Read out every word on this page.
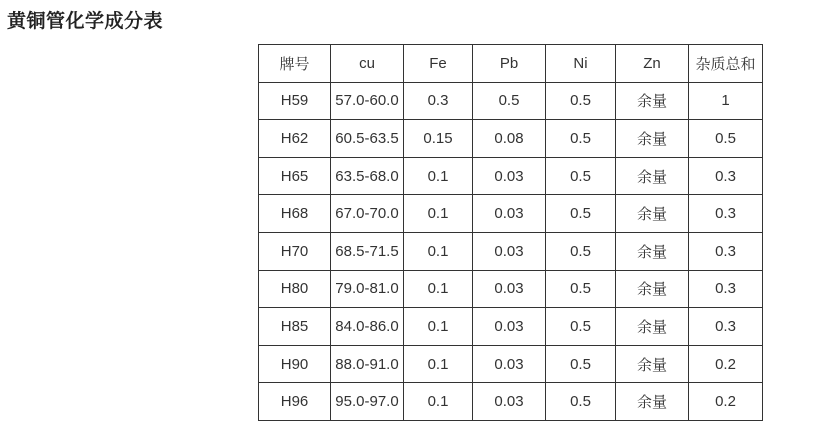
黄铜管化学成分表
牌号	cu	Fe	Pb	Ni	Zn	杂质总和
H59	57.0-60.0	0.3	0.5	0.5	余量	1
H62	60.5-63.5	0.15	0.08	0.5	余量	0.5
H65	63.5-68.0	0.1	0.03	0.5	余量	0.3
H68	67.0-70.0	0.1	0.03	0.5	余量	0.3
H70	68.5-71.5	0.1	0.03	0.5	余量	0.3
H80	79.0-81.0	0.1	0.03	0.5	余量	0.3
H85	84.0-86.0	0.1	0.03	0.5	余量	0.3
H90	88.0-91.0	0.1	0.03	0.5	余量	0.2
H96	95.0-97.0	0.1	0.03	0.5	余量	0.2
